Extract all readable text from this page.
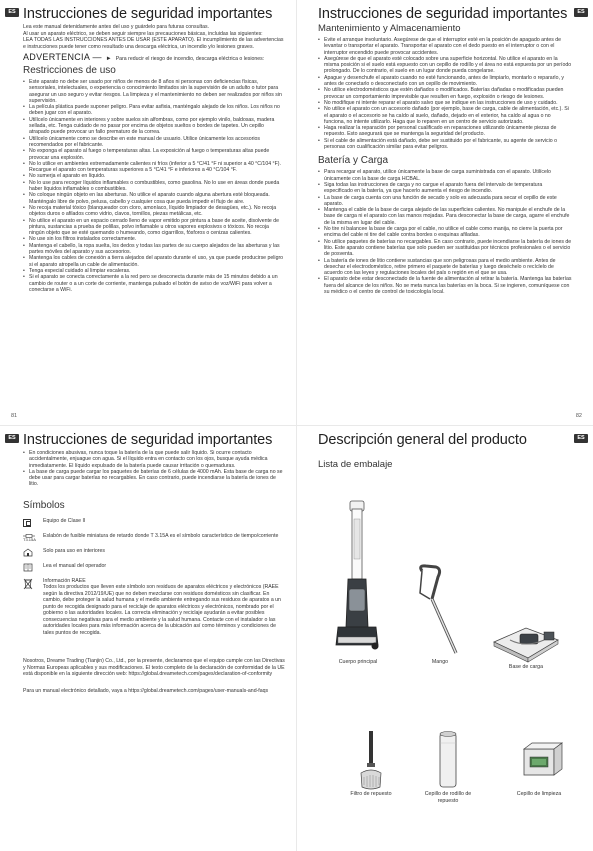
ES Instrucciones de seguridad importantes

Lea este manual detenidamente antes del uso y guárdelo para futuras consultas.

Al usar un aparato eléctrico, se deben seguir siempre las precauciones básicas, incluidas las siguientes:

LEA TODAS LAS INSTRUCCIONES ANTES DE USAR (ESTE APARATO). El incumplimiento de las advertencias e instrucciones puede tener como resultado una descarga eléctrica, un incendio y/o lesiones graves.

ADVERTENCIA — ► Para reducir el riesgo de incendio, descarga eléctrica o lesiones:
Restricciones de uso
• Este aparato no debe ser usado por niños de menos de 8 años ni personas con deficiencias físicas, sensoriales, intelectuales, o experiencia o conocimiento limitados sin la supervisión de un adulto o tutor para asegurar un uso seguro y evitar riesgos. La limpieza y el mantenimiento no deben ser realizados por niños sin supervisión.
• La película plástica puede suponer peligro. Para evitar asfixia, manténgalo alejado de los niños. Los niños no deben jugar con el aparato.
• Utilícelo únicamente en interiores y sobre suelos sin alfombras, como por ejemplo vinilo, baldosas, madera sellada, etc. Tenga cuidado de no pasar por encima de objetos sueltos o bordes de tapetes. Un cepillo atrapado puede provocar un fallo prematuro de la correa.
• Utilícelo únicamente como se describe en este manual de usuario. Utilice únicamente los accesorios recomendados por el fabricante.
• No exponga el aparato al fuego o temperaturas altas. La exposición al fuego o temperaturas altas puede provocar una explosión.
• No lo utilice en ambientes extremadamente calientes ni fríos (inferior a 5 °C/41 °F ni superior a 40 °C/104 °F). Recargue el aparato con temperaturas superiores a 5 °C/41 °F e inferiores a 40 °C/104 °F.
• No sumerja el aparato en líquido.
• No lo use para recoger líquidos inflamables o combustibles, como gasolina. No lo use en áreas donde pueda haber líquidos inflamables o combustibles.
• No coloque ningún objeto en las aberturas. No utilice el aparato cuando alguna abertura esté bloqueada. Manténgalo libre de polvo, pelusa, cabello y cualquier cosa que pueda impedir el flujo de aire.
• No recoja material tóxico (blanqueador con cloro, amoníaco, líquido limpiador de desagües, etc.). No recoja objetos duros o afilados como vidrio, clavos, tornillos, piezas metálicas, etc.
• No utilice el aparato en un espacio cerrado lleno de vapor emitido por pintura a base de aceite, disolvente de pintura, sustancias a prueba de polillas, polvo inflamable u otros vapores explosivos o tóxicos. No recoja ningún objeto que se esté quemando o humeando, como cigarrillos, fósforos o cenizas calientes.
• No use sin los filtros instalados correctamente.
• Mantenga el cabello, la ropa suelta, los dedos y todas las partes de su cuerpo alejados de las aberturas y las partes móviles del aparato y sus accesorios.
• Mantenga los cables de conexión a tierra alejados del aparato durante el uso, ya que puede producirse peligro si el aparato atropella un cable de alimentación.
• Tenga especial cuidado al limpiar escaleras.
• Si el aparato se conecta correctamente a la red pero se desconecta durante más de 15 minutos debido a un cambio de router o a un corte de corriente, mantenga pulsado el botón de aviso de voz/WiFi para volver a conectarse a WiFi.
81
ES
Instrucciones de seguridad importantes
Mantenimiento y Almacenamiento
• Evite el arranque involuntario. Asegúrese de que el interruptor esté en la posición de apagado antes de levantar o transportar el aparato. Transportar el aparato con el dedo puesto en el interruptor o con el interruptor encendido puede provocar accidentes.
• Asegúrese de que el aparato esté colocado sobre una superficie horizontal. No utilice el aparato en la misma posición si el suelo está expuesto con un cepillo de rodillo y el área no está expuesta por un período prolongado. De lo contrario, el suelo en un lugar donde pueda congelarse.
• Apague y desenchufe el aparato cuando no esté funcionando, antes de limpiarlo, montarlo o repararlo, y antes de conectarlo o desconectarlo con un cepillo de movimiento.
• No utilice electrodomésticos que estén dañados o modificados. Baterías dañadas o modificadas pueden provocar un comportamiento imprevisible que resulten en fuego, explosión o riesgo de lesiones.
• No modifique ni intente reparar el aparato salvo que se indique en las instrucciones de uso y cuidado.
• No utilice el aparato con un accesorio dañado (por ejemplo, base de carga, cable de alimentación, etc.). Si el aparato o el accesorio se ha caído al suelo, dañado, dejado en el exterior, ha caído al agua o no funciona, no intente utilizarlo. Haga que lo reparen en un centro de servicio autorizado.
• Haga realizar la reparación por personal cualificado en reparaciones utilizando únicamente piezas de repuesto. Esto asegurará que se mantenga la seguridad del producto.
• Si el cable de alimentación está dañado, debe ser sustituido por el fabricante, su agente de servicio o personas con cualificación similar para evitar peligros.
Batería y Carga
• Para recargar el aparato, utilice únicamente la base de carga suministrada con el aparato. Utilícelo únicamente con la base de carga HCBAL.
• Siga todas las instrucciones de carga y no cargue el aparato fuera del intervalo de temperatura especificado en la batería, ya que hacerlo aumenta el riesgo de incendio.
• La base de carga cuenta con una función de secado y solo es adecuada para secar el cepillo de este aparato.
• Mantenga el cable de la base de carga alejado de las superficies calientes. No manipule el enchufe de la base de carga ni el aparato con las manos mojadas. Para desconectar la base de carga, agarre el enchufe de la misma en lugar del cable.
• No tire ni balancee la base de carga por el cable, no utilice el cable como manija, no cierre la puerta por encima del cable ni tire del cable contra bordes o esquinas afiladas.
• No utilice paquetes de baterías no recargables. En caso contrario, puede incendiarse la batería de iones de litio. Este aparato contiene baterías que solo pueden ser sustituidas por técnicos profesionales o el servicio de posventa.
• La batería de iones de litio contiene sustancias que son peligrosas para el medio ambiente. Antes de desechar el electrodoméstico, retire primero el paquete de baterías y luego deséchelo o recíclelo de acuerdo con las leyes y regulaciones locales del país o región en el que se usa.
• El aparato debe estar desconectado de la fuente de alimentación al retirar la batería. Mantenga las baterías fuera del alcance de los niños. No se meta nunca las baterías en la boca. Si se ingieren, comuníquese con su médico o el centro de control de toxicología local.
82
ES Instrucciones de seguridad importantes
• En condiciones abusivas, nunca toque la batería de la que puede salir líquido. Si ocurre contacto accidentalmente, enjuague con agua. Si el líquido entra en contacto con los ojos, busque ayuda médica inmediatamente. El líquido expulsado de la batería puede causar irritación o quemaduras.
• La base de carga puede cargar los paquetes de baterías de 6 células de 4000 mAh. Esta base de carga no se debe usar para cargar baterías no recargables. En caso contrario, puede incendiarse la batería de iones de litio.
Símbolos
Equipo de Clase II
T3.15A
Eslabón de fusible miniatura de retardo donde T 3.15A es el símbolo característico de tiempo/corriente
Solo para uso en interiores
Lea el manual del operador
Información RAEE
Todos los productos que lleven este símbolo son residuos de aparatos eléctricos y electrónicos (RAEE según la directiva 2012/19/UE) que no deben mezclarse con residuos domésticos sin clasificar. En cambio, debe proteger la salud humana y el medio ambiente entregando sus residuos de aparatos a un punto de recogida designado para el reciclaje de aparatos eléctricos y electrónicos, nombrado por el gobierno o las autoridades locales. La correcta eliminación y reciclaje ayudarán a evitar posibles consecuencias negativas para el medio ambiente y la salud humana. Contacte con el instalador o las autoridades locales para más información acerca de la ubicación así como términos y condiciones de tales puntos de recogida.

Nosotros, Dreame Trading (Tianjin) Co., Ltd., por la presente, declaramos que el equipo cumple con las Directivas y Normas Europeas aplicables y sus modificaciones. El texto completo de la declaración de conformidad de la UE está disponible en la siguiente dirección web: https://global.dreametech.com/pages/declaration-of-conformity

Para un manual electrónico detallado, vaya a https://global.dreametech.com/pages/user-manuals-and-faqs

ES
Descripción general del producto
Lista de embalaje
Cuerpo principal	Mango
Base de carga
Filtro de repuesto	Cepillo de rodillo de repuesto
Cepillo de limpieza
